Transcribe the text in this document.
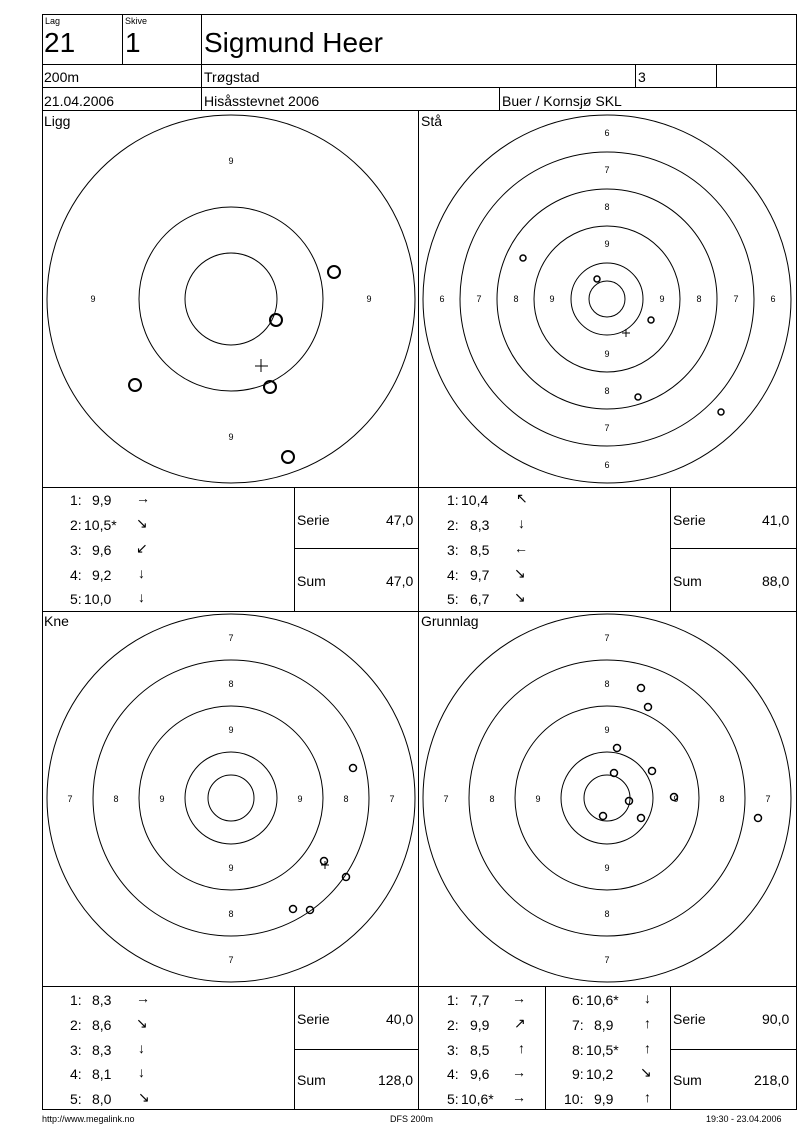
Lag
21
Skive
1 Sigmund Heer
200m	Trøgstad	3
21.04.2006	Hisåsstevnet 2006	Buer / Kornsjø SKL
9
9	9
9
6
7
8
9
9
8
7
6
6	7	8	9	9	8	7	6
7
8
9
9
8
7
7	8	9	9	8	7
7
8
9
9
8
7
7	8	9	9	8	7
Ligg	Stå
Kne	Grunnlag
1: 9,9 →
2: 10,5* ↘
3: 9,6 ↙
4: 9,2 ↓
5: 10,0 ↓
Serie	47,0
Sum	47,0
1: 10,4 ↖
2: 8,3 ↓
3: 8,5 ←
4: 9,7 ↘
5: 6,7 ↘
Serie	41,0
Sum	88,0
1: 8,3 →
2: 8,6 ↘
3: 8,3 ↓
4: 8,1 ↓
5: 8,0 ↘
Serie	40,0
Sum	128,0
1: 7,7 →
2: 9,9 ↗
3: 8,5 ↑
4: 9,6 →
5: 10,6* →
6: 10,6* ↓
7: 8,9 ↑
8: 10,5* ↑
9: 10,2 ↘
10: 9,9 ↑
Serie	90,0
Sum	218,0
http://www.megalink.no	DFS 200m	19:30 - 23.04.2006
